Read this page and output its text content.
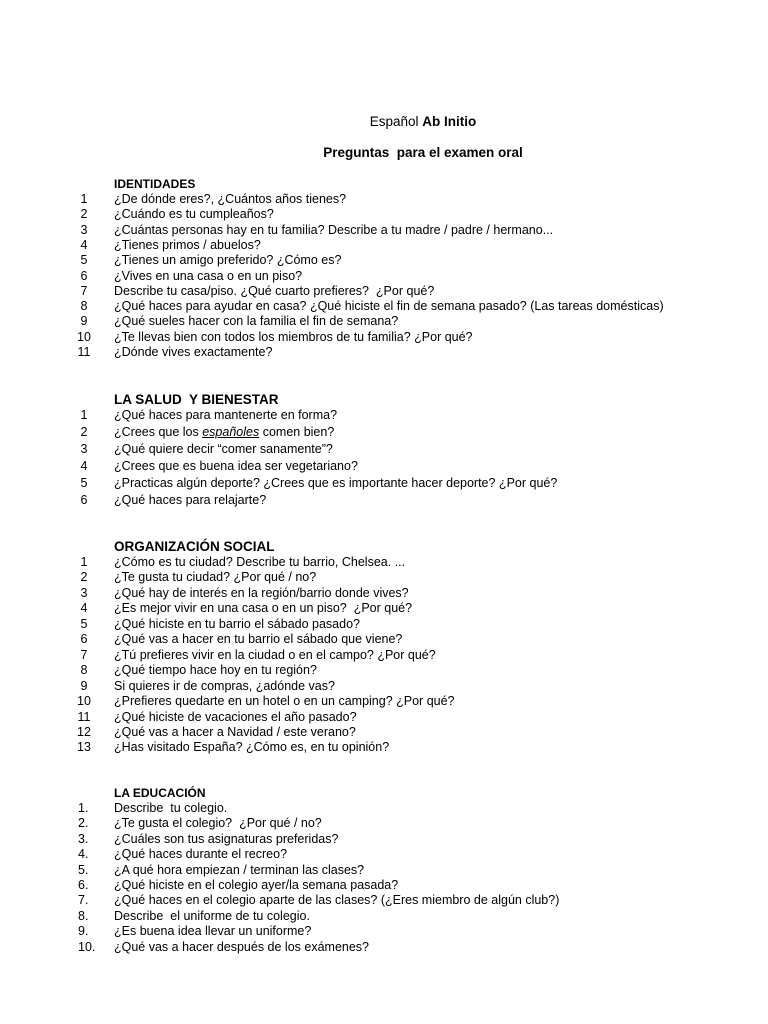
Español Ab Initio
Preguntas  para el examen oral
IDENTIDADES
LA SALUD  Y BIENESTAR
ORGANIZACIÓN SOCIAL
LA EDUCACIÓN
1	¿De dónde eres?, ¿Cuántos años tienes?
2	¿Cuándo es tu cumpleaños?
3	¿Cuántas personas hay en tu familia? Describe a tu madre / padre / hermano...
4	¿Tienes primos / abuelos?
5	¿Tienes un amigo preferido? ¿Cómo es?
6	¿Vives en una casa o en un piso?
7	Describe tu casa/piso. ¿Qué cuarto prefieres?  ¿Por qué?
8	¿Qué haces para ayudar en casa? ¿Qué hiciste el fin de semana pasado? (Las tareas domésticas)
9	¿Qué sueles hacer con la familia el fin de semana?
10	¿Te llevas bien con todos los miembros de tu familia? ¿Por qué?
11	¿Dónde vives exactamente?
1	¿Qué haces para mantenerte en forma?
2	¿Crees que los españoles comen bien?
3	¿Qué quiere decir “comer sanamente”?
4	¿Crees que es buena idea ser vegetariano?
5	¿Practicas algún deporte? ¿Crees que es importante hacer deporte? ¿Por qué?
6	¿Qué haces para relajarte?
1	¿Cómo es tu ciudad? Describe tu barrio, Chelsea. ...
2	¿Te gusta tu ciudad? ¿Por qué / no?
3	¿Qué hay de interés en la región/barrio donde vives?
4	¿Es mejor vivir en una casa o en un piso?  ¿Por qué?
5	¿Qué hiciste en tu barrio el sábado pasado?
6	¿Qué vas a hacer en tu barrio el sábado que viene?
7	¿Tú prefieres vivir en la ciudad o en el campo? ¿Por qué?
8	¿Qué tiempo hace hoy en tu región?
9	Si quieres ir de compras, ¿adónde vas?
10	¿Prefieres quedarte en un hotel o en un camping? ¿Por qué?
11	¿Qué hiciste de vacaciones el año pasado?
12	¿Qué vas a hacer a Navidad / este verano?
13	¿Has visitado España? ¿Cómo es, en tu opinión?
1.	Describe  tu colegio.
2.	¿Te gusta el colegio?  ¿Por qué / no?
3.	¿Cuáles son tus asignaturas preferidas?
4.	¿Qué haces durante el recreo?
5.	¿A qué hora empiezan / terminan las clases?
6.	¿Qué hiciste en el colegio ayer/la semana pasada?
7.	¿Qué haces en el colegio aparte de las clases? (¿Eres miembro de algún club?)
8.	Describe  el uniforme de tu colegio.
9.	¿Es buena idea llevar un uniforme?
10.	¿Qué vas a hacer después de los exámenes?
